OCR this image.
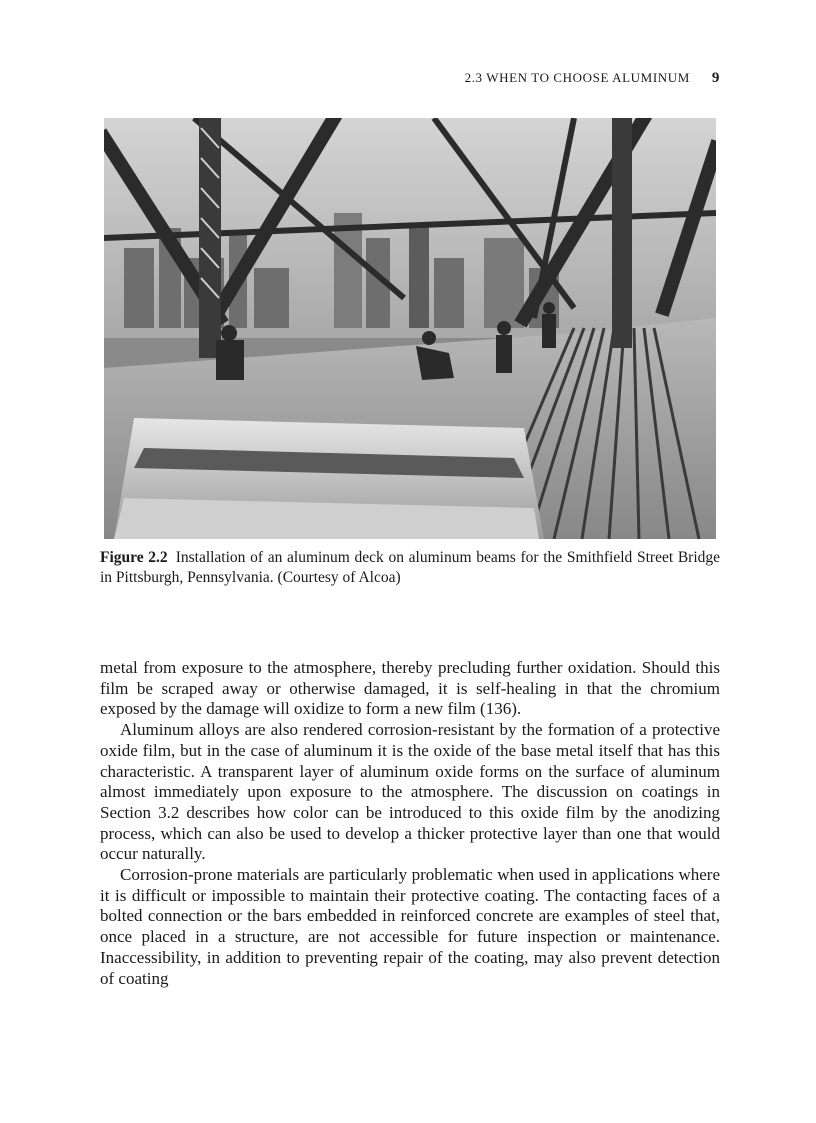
2.3 WHEN TO CHOOSE ALUMINUM 9
Figure 2.2 Installation of an aluminum deck on aluminum beams for the Smithfield Street Bridge in Pittsburgh, Pennsylvania. (Courtesy of Alcoa)

metal from exposure to the atmosphere, thereby precluding further oxidation. Should this film be scraped away or otherwise damaged, it is self-healing in that the chromium exposed by the damage will oxidize to form a new film (136).

Aluminum alloys are also rendered corrosion-resistant by the formation of a protective oxide film, but in the case of aluminum it is the oxide of the base metal itself that has this characteristic. A transparent layer of aluminum oxide forms on the surface of aluminum almost immediately upon exposure to the atmosphere. The discussion on coatings in Section 3.2 describes how color can be introduced to this oxide film by the anodizing process, which can also be used to develop a thicker protective layer than one that would occur naturally.

Corrosion-prone materials are particularly problematic when used in applications where it is difficult or impossible to maintain their protective coating. The contacting faces of a bolted connection or the bars embedded in reinforced concrete are examples of steel that, once placed in a structure, are not accessible for future inspection or maintenance. Inaccessibility, in addition to preventing repair of the coating, may also prevent detection of coating
